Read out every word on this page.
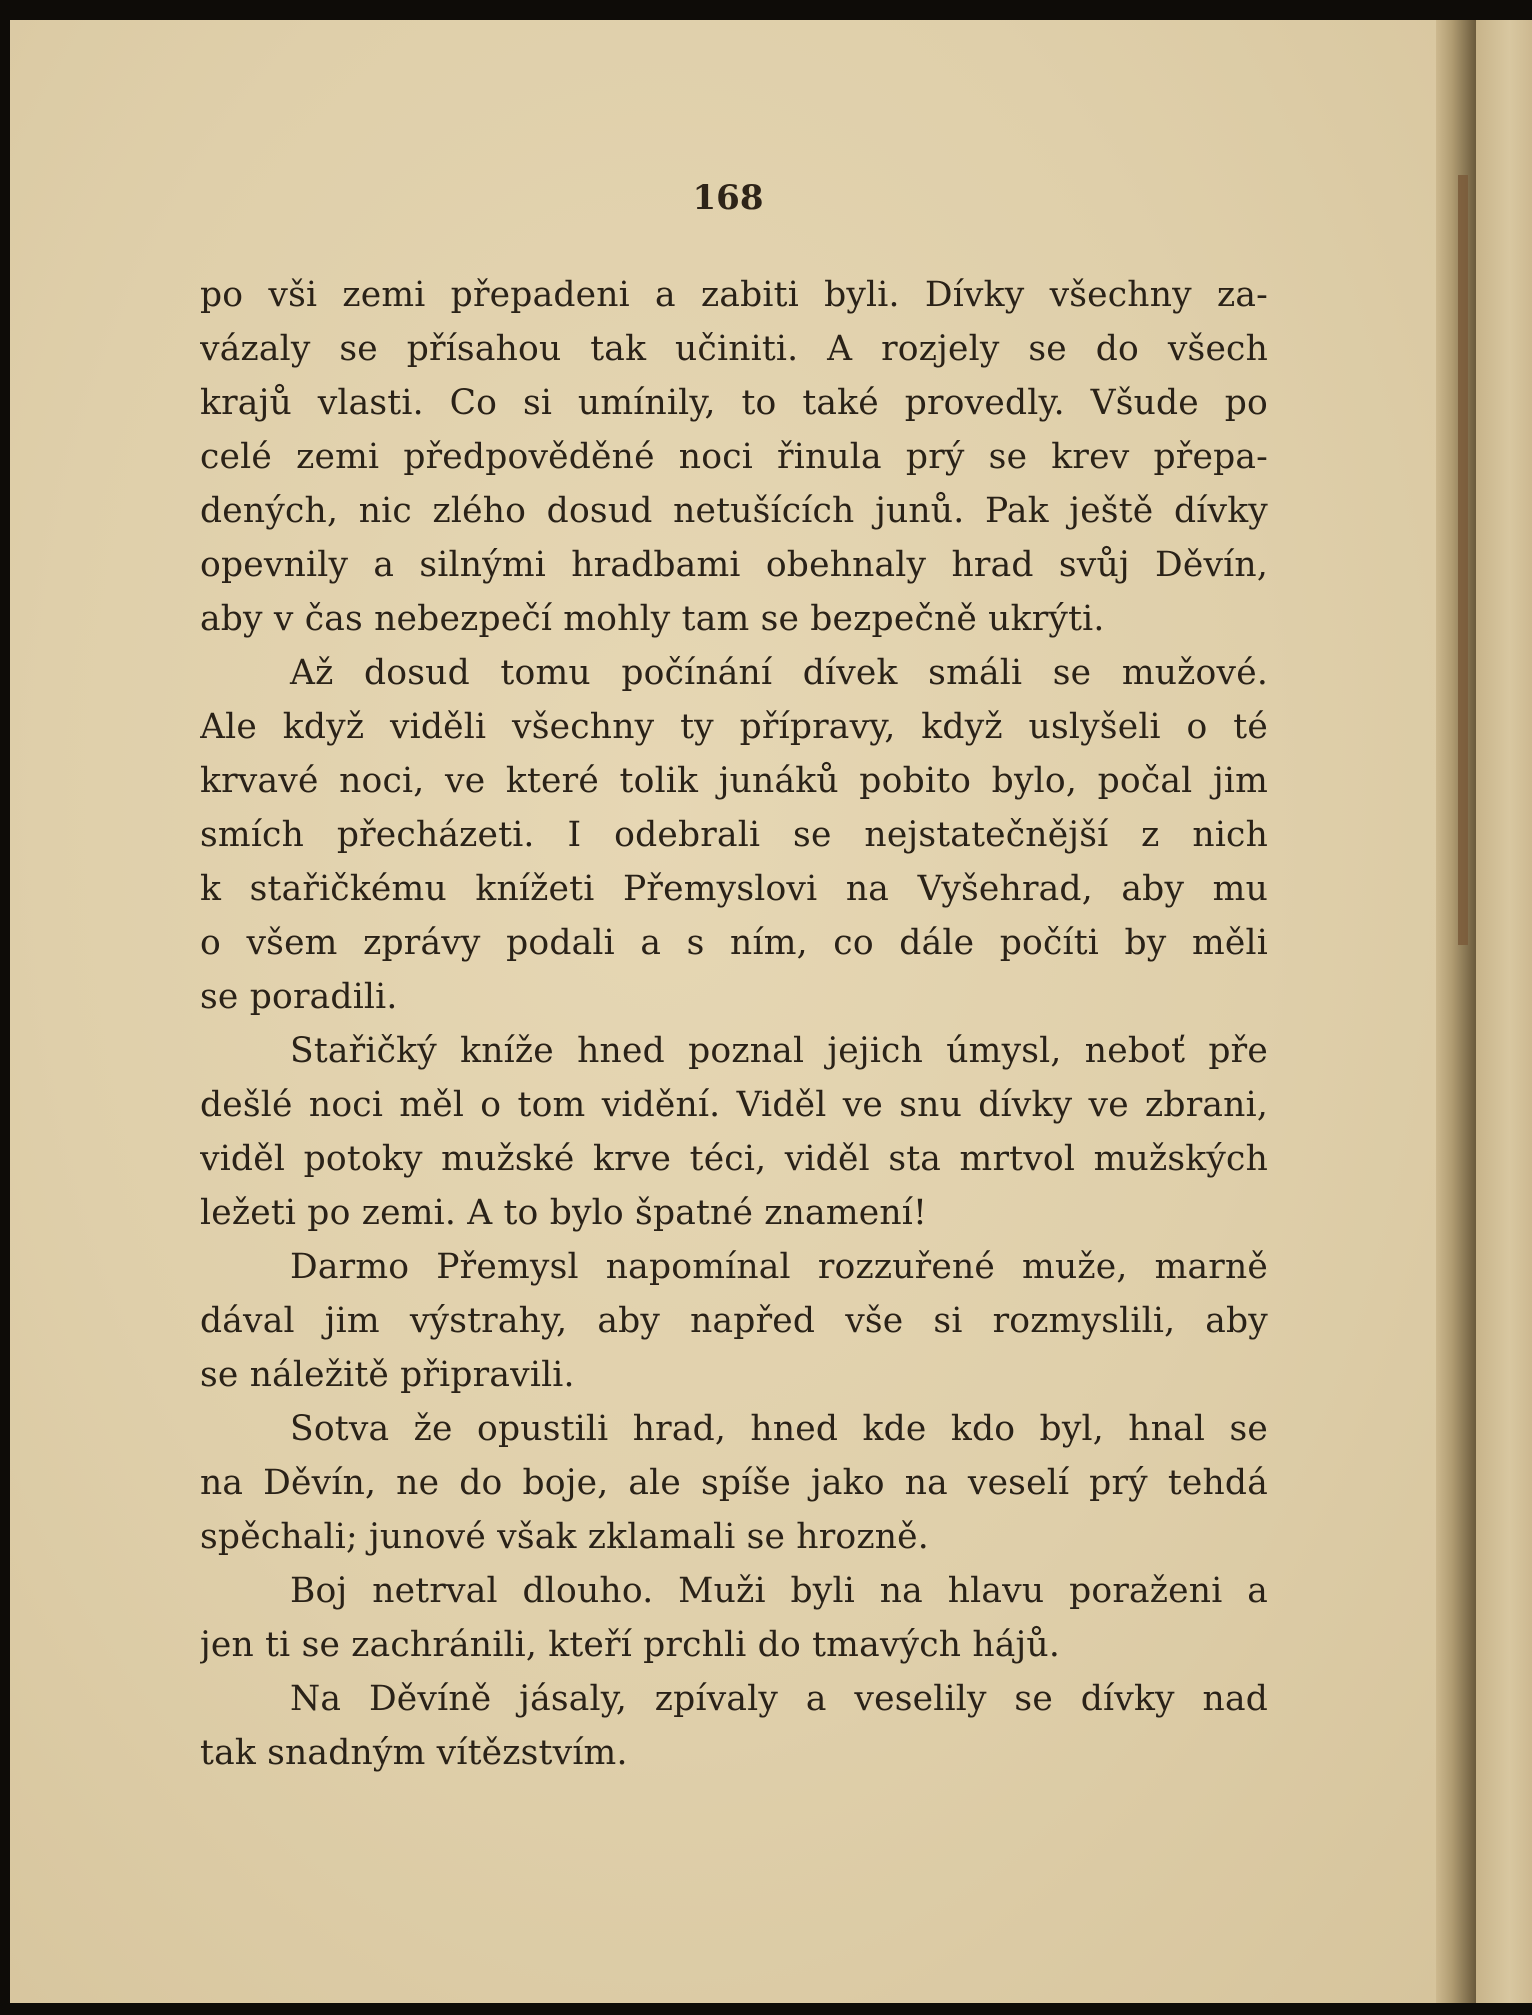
168
po vši zemi přepadeni a zabiti byli. Dívky všechny za-
vázaly se přísahou tak učiniti. A rozjely se do všech
krajů vlasti. Co si umínily, to také provedly. Všude po
celé zemi předpověděné noci řinula prý se krev přepa-
dených, nic zlého dosud netušících junů. Pak ještě dívky
opevnily a silnými hradbami obehnaly hrad svůj Děvín,
aby v čas nebezpečí mohly tam se bezpečně ukrýti.
Až dosud tomu počínání dívek smáli se mužové.
Ale když viděli všechny ty přípravy, když uslyšeli o té
krvavé noci, ve které tolik junáků pobito bylo, počal jim
smích přecházeti. I odebrali se nejstatečnější z nich
k stařičkému knížeti Přemyslovi na Vyšehrad, aby mu
o všem zprávy podali a s ním, co dále počíti by měli
se poradili.
Stařičký kníže hned poznal jejich úmysl, neboť pře
dešlé noci měl o tom vidění. Viděl ve snu dívky ve zbrani,
viděl potoky mužské krve téci, viděl sta mrtvol mužských
ležeti po zemi. A to bylo špatné znamení!
Darmo Přemysl napomínal rozzuřené muže, marně
dával jim výstrahy, aby napřed vše si rozmyslili, aby
se náležitě připravili.
Sotva že opustili hrad, hned kde kdo byl, hnal se
na Děvín, ne do boje, ale spíše jako na veselí prý tehdá
spěchali; junové však zklamali se hrozně.
Boj netrval dlouho. Muži byli na hlavu poraženi a
jen ti se zachránili, kteří prchli do tmavých hájů.
Na Děvíně jásaly, zpívaly a veselily se dívky nad
tak snadným vítězstvím.
